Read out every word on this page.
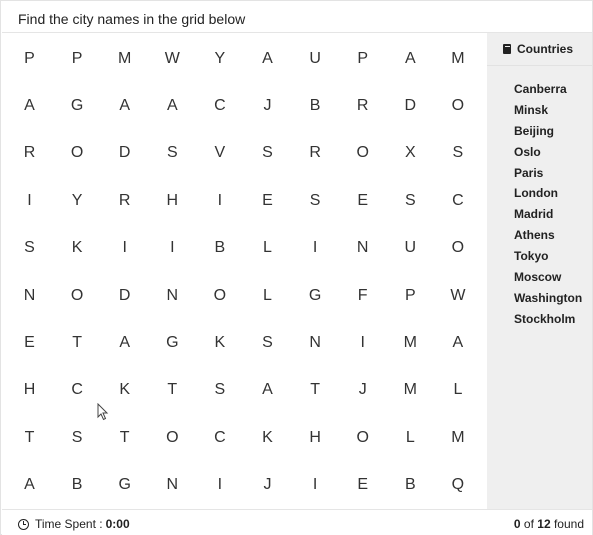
Find the city names in the grid below
P	P	M	W	Y	A	U	P	A	M
A	G	A	A	C	J	B	R	D	O
R	O	D	S	V	S	R	O	X	S
I	Y	R	H	I	E	S	E	S	C
S	K	I	I	B	L	I	N	U	O
N	O	D	N	O	L	G	F	P	W
E	T	A	G	K	S	N	I	M	A
H	C	K	T	S	A	T	J	M	L
T	S	T	O	C	K	H	O	L	M
A	B	G	N	I	J	I	E	B	Q
Countries
Canberra
Minsk
Beijing
Oslo
Paris
London
Madrid
Athens
Tokyo
Moscow
Washington
Stockholm
Time Spent : 0:00	0 of 12 found
